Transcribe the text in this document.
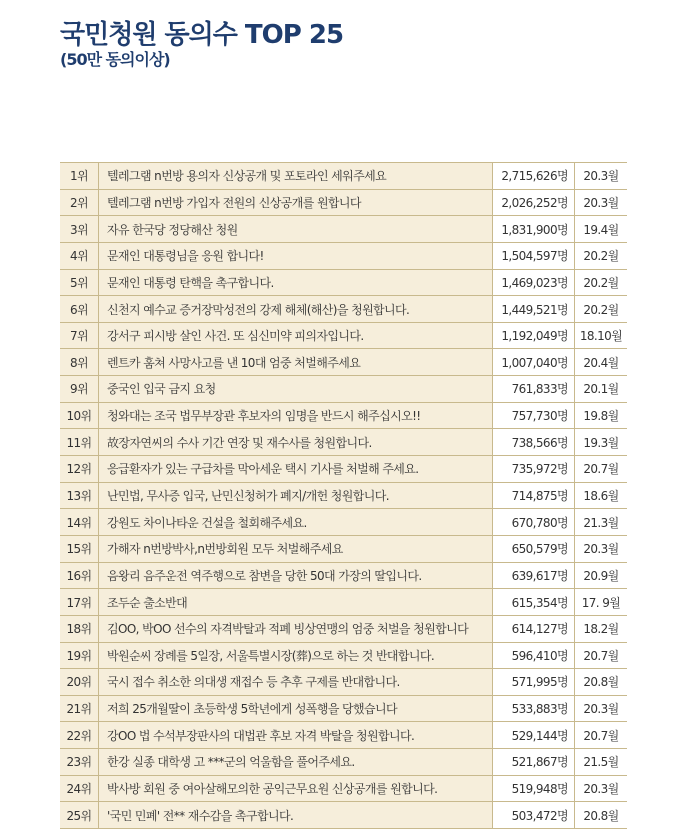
국민청원 동의수 TOP 25
(50만 동의이상)
1위	텔레그램 n번방 용의자 신상공개 및 포토라인 세워주세요	2,715,626명	20.3월
2위	텔레그램 n번방 가입자 전원의 신상공개를 원합니다	2,026,252명	20.3월
3위	자유 한국당 정당해산 청원	1,831,900명	19.4월
4위	문재인 대통령님을 응원 합니다!	1,504,597명	20.2월
5위	문재인 대통령 탄핵을 촉구합니다.	1,469,023명	20.2월
6위	신천지 예수교 증거장막성전의 강제 해체(해산)을 청원합니다.	1,449,521명	20.2월
7위	강서구 피시방 살인 사건. 또 심신미약 피의자입니다.	1,192,049명	18.10월
8위	렌트카 훔쳐 사망사고를 낸 10대 엄중 처벌해주세요	1,007,040명	20.4월
9위	중국인 입국 금지 요청	761,833명	20.1월
10위	청와대는 조국 법무부장관 후보자의 임명을 반드시 해주십시오!!	757,730명	19.8월
11위	故장자연씨의 수사 기간 연장 및 재수사를 청원합니다.	738,566명	19.3월
12위	응급환자가 있는 구급차를 막아세운 택시 기사를 처벌해 주세요.	735,972명	20.7월
13위	난민법, 무사증 입국, 난민신청허가 폐지/개헌 청원합니다.	714,875명	18.6월
14위	강원도 차이나타운 건설을 철회해주세요.	670,780명	21.3월
15위	가해자 n번방박사,n번방회원 모두 처벌해주세요	650,579명	20.3월
16위	음왕리 음주운전 역주행으로 참변을 당한 50대 가장의 딸입니다.	639,617명	20.9월
17위	조두순 출소반대	615,354명	17. 9월
18위	김OO, 박OO 선수의 자격박탈과 적폐 빙상연맹의 엄중 처벌을 청원합니다	614,127명	18.2월
19위	박원순씨 장례를 5일장, 서울특별시장(葬)으로 하는 것 반대합니다.	596,410명	20.7월
20위	국시 접수 취소한 의대생 재접수 등 추후 구제를 반대합니다.	571,995명	20.8월
21위	저희 25개월딸이 초등학생 5학년에게 성폭행을 당했습니다	533,883명	20.3월
22위	강OO 법 수석부장판사의 대법관 후보 자격 박탈을 청원합니다.	529,144명	20.7월
23위	한강 실종 대학생 고 ***군의 억울함을 풀어주세요.	521,867명	21.5월
24위	박사방 회원 중 여아살해모의한 공익근무요원 신상공개를 원합니다.	519,948명	20.3월
25위	'국민 민폐' 전** 재수감을 촉구합니다.	503,472명	20.8월
